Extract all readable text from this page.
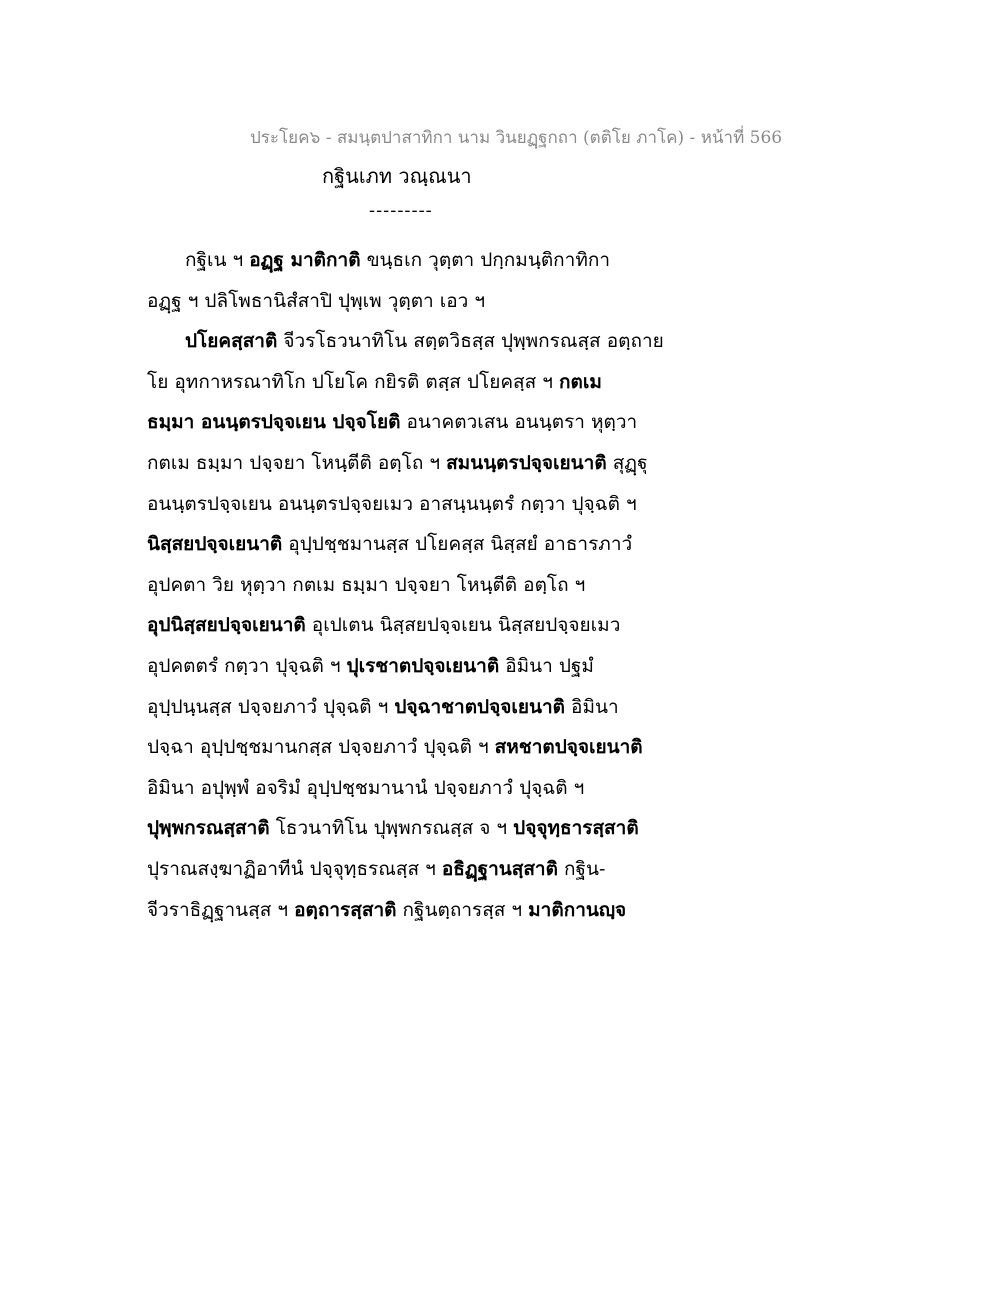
ประโยค๖ - สมนฺตปาสาทิกา นาม วินยฏฺฐกถา (ตติโย ภาโค) - หน้าที่ 566
กฐินเภท วณฺณนา
---------
กฐิเน ฯ อฏฺฐ มาติกาติ ขนฺธเก วุตฺตา ปกฺกมนฺติกาทิกา
อฏฺฐ ฯ ปลิโพธานิสํสาปิ ปุพฺเพ วุตฺตา เอว ฯ
ปโยคสฺสาติ จีวรโธวนาทิโน สตฺตวิธสฺส ปุพฺพกรณสฺส อตฺถาย
โย อุทกาหรณาทิโก ปโยโค กยิรติ ตสฺส ปโยคสฺส ฯ กตเม
ธมฺมา อนนฺตรปจฺจเยน ปจฺจโยติ อนาคตวเสน อนนฺตรา หุตฺวา
กตเม ธมฺมา ปจฺจยา โหนฺตีติ อตฺโถ ฯ สมนนฺตรปจฺจเยนาติ สุฏฺฐุ
อนนฺตรปจฺจเยน อนนฺตรปจฺจยเมว อาสนฺนนฺตรํ กตฺวา ปุจฺฉติ ฯ
นิสฺสยปจฺจเยนาติ อุปฺปชฺชมานสฺส ปโยคสฺส นิสฺสยํ อาธารภาวํ
อุปคตา วิย หุตฺวา กตเม ธมฺมา ปจฺจยา โหนฺตีติ อตฺโถ ฯ
อุปนิสฺสยปจฺจเยนาติ อุเปเตน นิสฺสยปจฺจเยน นิสฺสยปจฺจยเมว
อุปคตตรํ กตฺวา ปุจฺฉติ ฯ ปุเรชาตปจฺจเยนาติ อิมินา ปฐมํ
อุปฺปนฺนสฺส ปจฺจยภาวํ ปุจฺฉติ ฯ ปจฺฉาชาตปจฺจเยนาติ อิมินา
ปจฺฉา อุปฺปชฺชมานกสฺส ปจฺจยภาวํ ปุจฺฉติ ฯ สหชาตปจฺจเยนาติ
อิมินา อปุพฺพํ อจริมํ อุปฺปชฺชมานานํ ปจฺจยภาวํ ปุจฺฉติ ฯ
ปุพฺพกรณสฺสาติ โธวนาทิโน ปุพฺพกรณสฺส จ ฯ ปจฺจุทฺธารสฺสาติ
ปุราณสงฺฆาฏิอาทีนํ ปจฺจุทฺธรณสฺส ฯ อธิฏฺฐานสฺสาติ กฐิน-
จีวราธิฏฺฐานสฺส ฯ อตฺถารสฺสาติ กฐินตฺถารสฺส ฯ มาติกานญฺจ
